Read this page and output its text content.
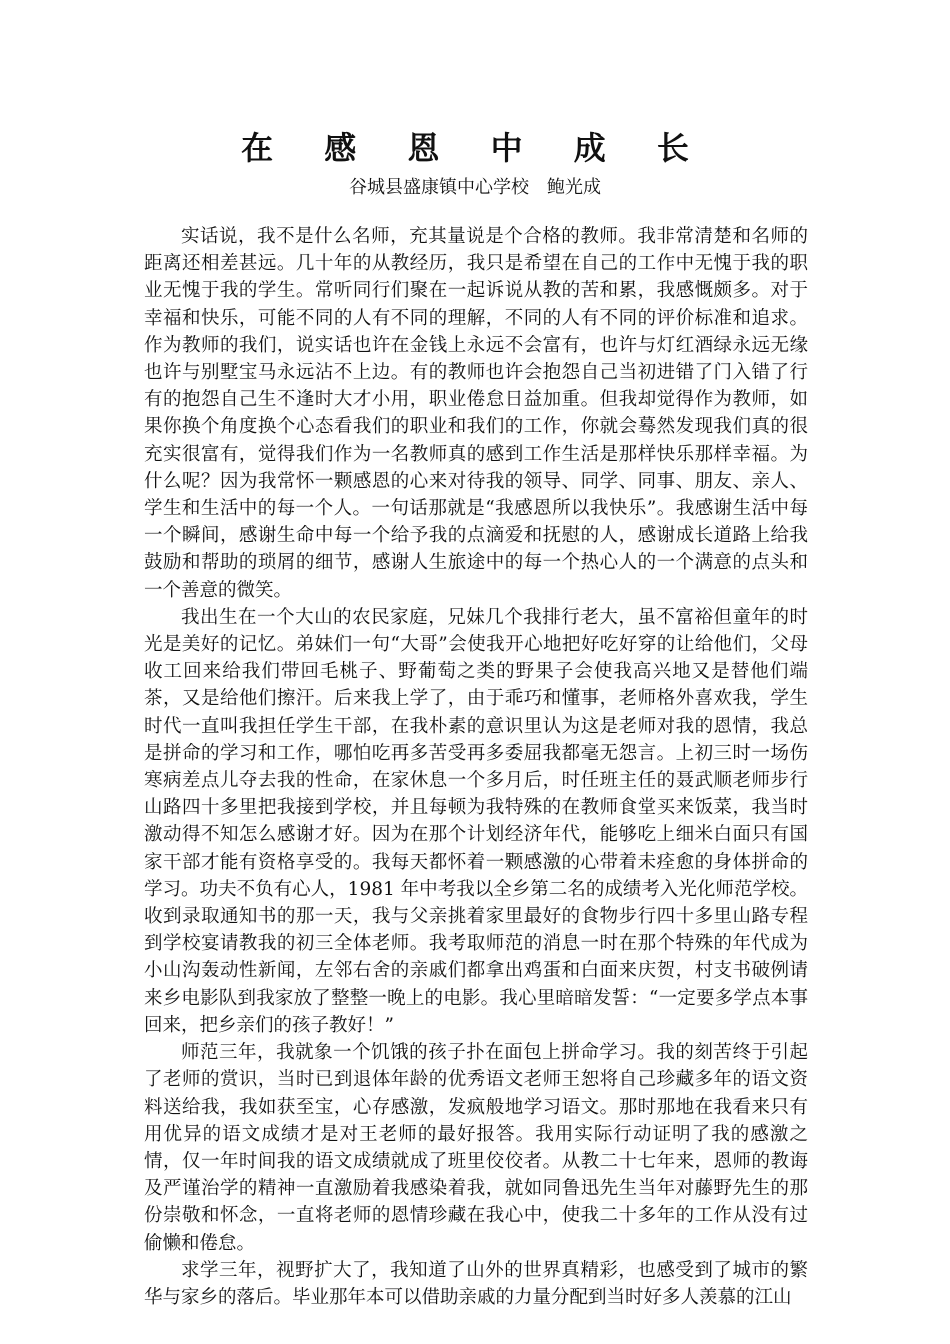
在 感 恩 中 成 长
谷城县盛康镇中心学校　鲍光成

实话说，我不是什么名师，充其量说是个合格的教师。我非常清楚和名师的距离还相差甚远。几十年的从教经历，我只是希望在自己的工作中无愧于我的职业无愧于我的学生。常听同行们聚在一起诉说从教的苦和累，我感慨颇多。对于幸福和快乐，可能不同的人有不同的理解，不同的人有不同的评价标准和追求。作为教师的我们，说实话也许在金钱上永远不会富有，也许与灯红酒绿永远无缘也许与别墅宝马永远沾不上边。有的教师也许会抱怨自己当初进错了门入错了行有的抱怨自己生不逢时大才小用，职业倦怠日益加重。但我却觉得作为教师，如果你换个角度换个心态看我们的职业和我们的工作，你就会蓦然发现我们真的很充实很富有，觉得我们作为一名教师真的感到工作生活是那样快乐那样幸福。为什么呢？因为我常怀一颗感恩的心来对待我的领导、同学、同事、朋友、亲人、学生和生活中的每一个人。一句话那就是“我感恩所以我快乐”。我感谢生活中每一个瞬间，感谢生命中每一个给予我的点滴爱和抚慰的人，感谢成长道路上给我鼓励和帮助的琐屑的细节，感谢人生旅途中的每一个热心人的一个满意的点头和一个善意的微笑。

我出生在一个大山的农民家庭，兄妹几个我排行老大，虽不富裕但童年的时光是美好的记忆。弟妹们一句“大哥”会使我开心地把好吃好穿的让给他们，父母收工回来给我们带回毛桃子、野葡萄之类的野果子会使我高兴地又是替他们端茶，又是给他们擦汗。后来我上学了，由于乖巧和懂事，老师格外喜欢我，学生时代一直叫我担任学生干部，在我朴素的意识里认为这是老师对我的恩情，我总是拼命的学习和工作，哪怕吃再多苦受再多委屈我都毫无怨言。上初三时一场伤寒病差点儿夺去我的性命，在家休息一个多月后，时任班主任的聂武顺老师步行山路四十多里把我接到学校，并且每顿为我特殊的在教师食堂买来饭菜，我当时激动得不知怎么感谢才好。因为在那个计划经济年代，能够吃上细米白面只有国家干部才能有资格享受的。我每天都怀着一颗感激的心带着未痊愈的身体拼命的学习。功夫不负有心人，1981 年中考我以全乡第二名的成绩考入光化师范学校。收到录取通知书的那一天，我与父亲挑着家里最好的食物步行四十多里山路专程到学校宴请教我的初三全体老师。我考取师范的消息一时在那个特殊的年代成为小山沟轰动性新闻，左邻右舍的亲戚们都拿出鸡蛋和白面来庆贺，村支书破例请来乡电影队到我家放了整整一晚上的电影。我心里暗暗发誓：“一定要多学点本事回来，把乡亲们的孩子教好！”

师范三年，我就象一个饥饿的孩子扑在面包上拼命学习。我的刻苦终于引起了老师的赏识，当时已到退体年龄的优秀语文老师王恕将自己珍藏多年的语文资料送给我，我如获至宝，心存感激，发疯般地学习语文。那时那地在我看来只有用优异的语文成绩才是对王老师的最好报答。我用实际行动证明了我的感激之情，仅一年时间我的语文成绩就成了班里佼佼者。从教二十七年来，恩师的教诲及严谨治学的精神一直激励着我感染着我，就如同鲁迅先生当年对藤野先生的那份崇敬和怀念，一直将老师的恩情珍藏在我心中，使我二十多年的工作从没有过偷懒和倦怠。

求学三年，视野扩大了，我知道了山外的世界真精彩，也感受到了城市的繁华与家乡的落后。毕业那年本可以借助亲戚的力量分配到当时好多人羡慕的江山
